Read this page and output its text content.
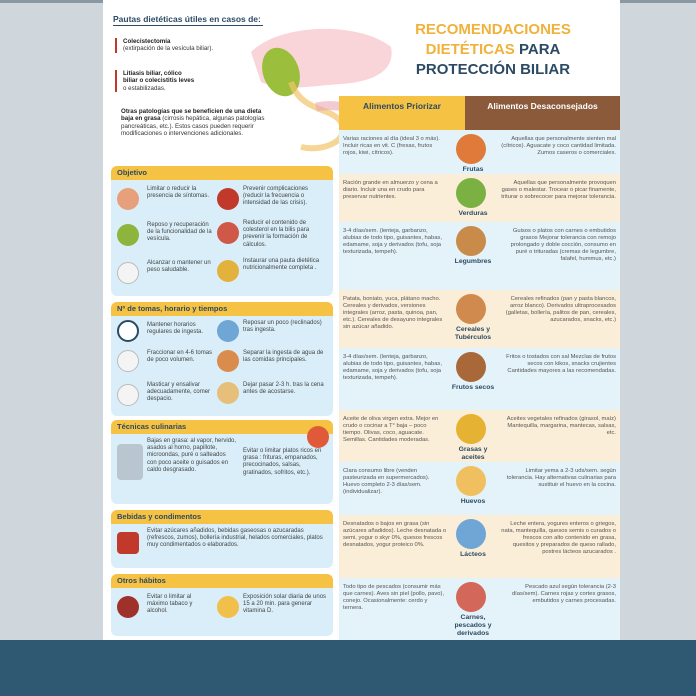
Pautas dietéticas útiles en casos de:
Colecistectomía
(extirpación de la vesícula biliar).
Litiasis biliar, cólico biliar o colecistitis leves o estabilizadas.
Otras patologías que se beneficien de una dieta baja en grasa (cirrosis hepática, algunas patologías pancreáticas, etc.). Estos casos pueden requerir modificaciones o intervenciones adicionales.
RECOMENDACIONES
DIETÉTICAS PARA
PROTECCIÓN BILIAR
Objetivo
Limitar o reducir la presencia de síntomas.
Prevenir complicaciones (reducir la frecuencia o intensidad de las crisis).
Reposo y recuperación de la funcionalidad de la vesícula.
Reducir el contenido de colesterol en la bilis para prevenir la formación de cálculos.
Alcanzar o mantener un peso saludable.
Instaurar una pauta dietética nutricionalmente completa .
Nº de tomas, horario y tiempos
Mantener horarios regulares de ingesta.
Reposar un poco (reclinados) tras ingesta.
Fraccionar en 4-6 tomas de poco volumen.
Separar la ingesta de agua de las comidas principales.
Masticar y ensalivar adecuadamente, comer despacio.
Dejar pasar 2-3 h. tras la cena antes de acostarse.
Técnicas culinarias
Bajas en grasa: al vapor, hervido, asados al horno, papillote, microondas, puré o salteados con poco aceite o guisados en caldo desgrasado.
Evitar o limitar platos ricos en grasa : frituras, empanados, precocinados, salsas, gratinados, sofritos, etc.).
Bebidas y condimentos
Evitar azúcares añadidos, bebidas gaseosas o azucaradas (refrescos, zumos), bollería industrial, helados comerciales, platos muy condimentados o elaborados.
Otros hábitos
Evitar o limitar al máximo tabaco y alcohol.
Exposición solar diaria de unos 15 a 20 min. para generar vitamina D.
Alimentos Priorizar	Alimentos Desaconsejados
Varias raciones al día (ideal 3 o más). Incluir ricas en vit. C (fresas, frutos rojos, kiwi, cítricos).
Frutas
Aquellas que personalmente sienten mal (cítricos). Aguacate y coco cantidad limitada. Zumos caseros o comerciales.
Ración grande en almuerzo y cena a diario. Incluir una en crudo para preservar nutrientes.
Verduras
Aquellas que personalmente provoquen gases o malestar. Trocear o picar finamente, triturar o sobrecocer para mejorar tolerancia.
3-4 días/sem. (lenteja, garbanzo, alubias de todo tipo, guisantes, habas, edamame, soja y derivados (tofu, soja texturizada, tempeh).
Legumbres
Guisos o platos con carnes o embutidos grasos Mejorar tolerancia con remojo prolongado y doble cocción, consumo en puré o trituradas (cremas de legumbre, falafel, hummus, etc.)
Patata, boniato, yuca, plátano macho. Cereales y derivados, versiones integrales (arroz, pasta, quinoa, pan, etc.). Cereales de desayuno integrales sin azúcar añadido.	Cereales y Tubérculos
Cereales refinados (pan y pasta blancos, arroz blanco). Derivados ultraprocesados (galletas, bollería, palitos de pan, cereales, azucarados, snacks, etc.)
3-4 días/sem. (lenteja, garbanzo, alubias de todo tipo, guisantes, habas, edamame, soja y derivados (tofu, soja texturizada, tempeh).
Frutos secos
Fritos o tostados con sal Mezclas de frutos secos con kikos, snacks crujientes Cantidades mayores a las recomendadas.
Aceite de oliva virgen extra. Mejor en crudo o cocinar a T° baja – poco tiempo. Olivas, coco, aguacate. Semillas. Cantidades moderadas.
Grasas y aceites
Aceites vegetales refinados (girasol, maíz) Mantequilla, margarina, mantecas, salsas, etc.
Clara consumo libre (venden pasteurizada en supermercados). Huevo completo 2-3 días/sem. (individualizar).
Huevos
Limitar yema a 2-3 uds/sem. según tolerancia. Hay alternativas culinarias para sustituir el huevo en la cocina.
Desnatados o bajos en grasa (sin azúcares añadidos). Leche desnatada o semi, yogur o skyr 0%, quesos frescos desnatados, yogur proteico 0%.
Lácteos
Leche entera, yogures enteros o griegos, nata, mantequilla, quesos semis o curados o frescos con alto contenido en grasa, quesitos y preparados de queso rallado, postres lácteos azucarados .
Todo tipo de pescados (consumir más que carnes). Aves sin piel (pollo, pavo), conejo. Ocasionalmente: cerdo y ternera.
Carnes, pescados y derivados
Pescado azul según tolerancia (2-3 días/sem). Carnes rojas y cortes grasos, embutidos y carnes procesadas.
